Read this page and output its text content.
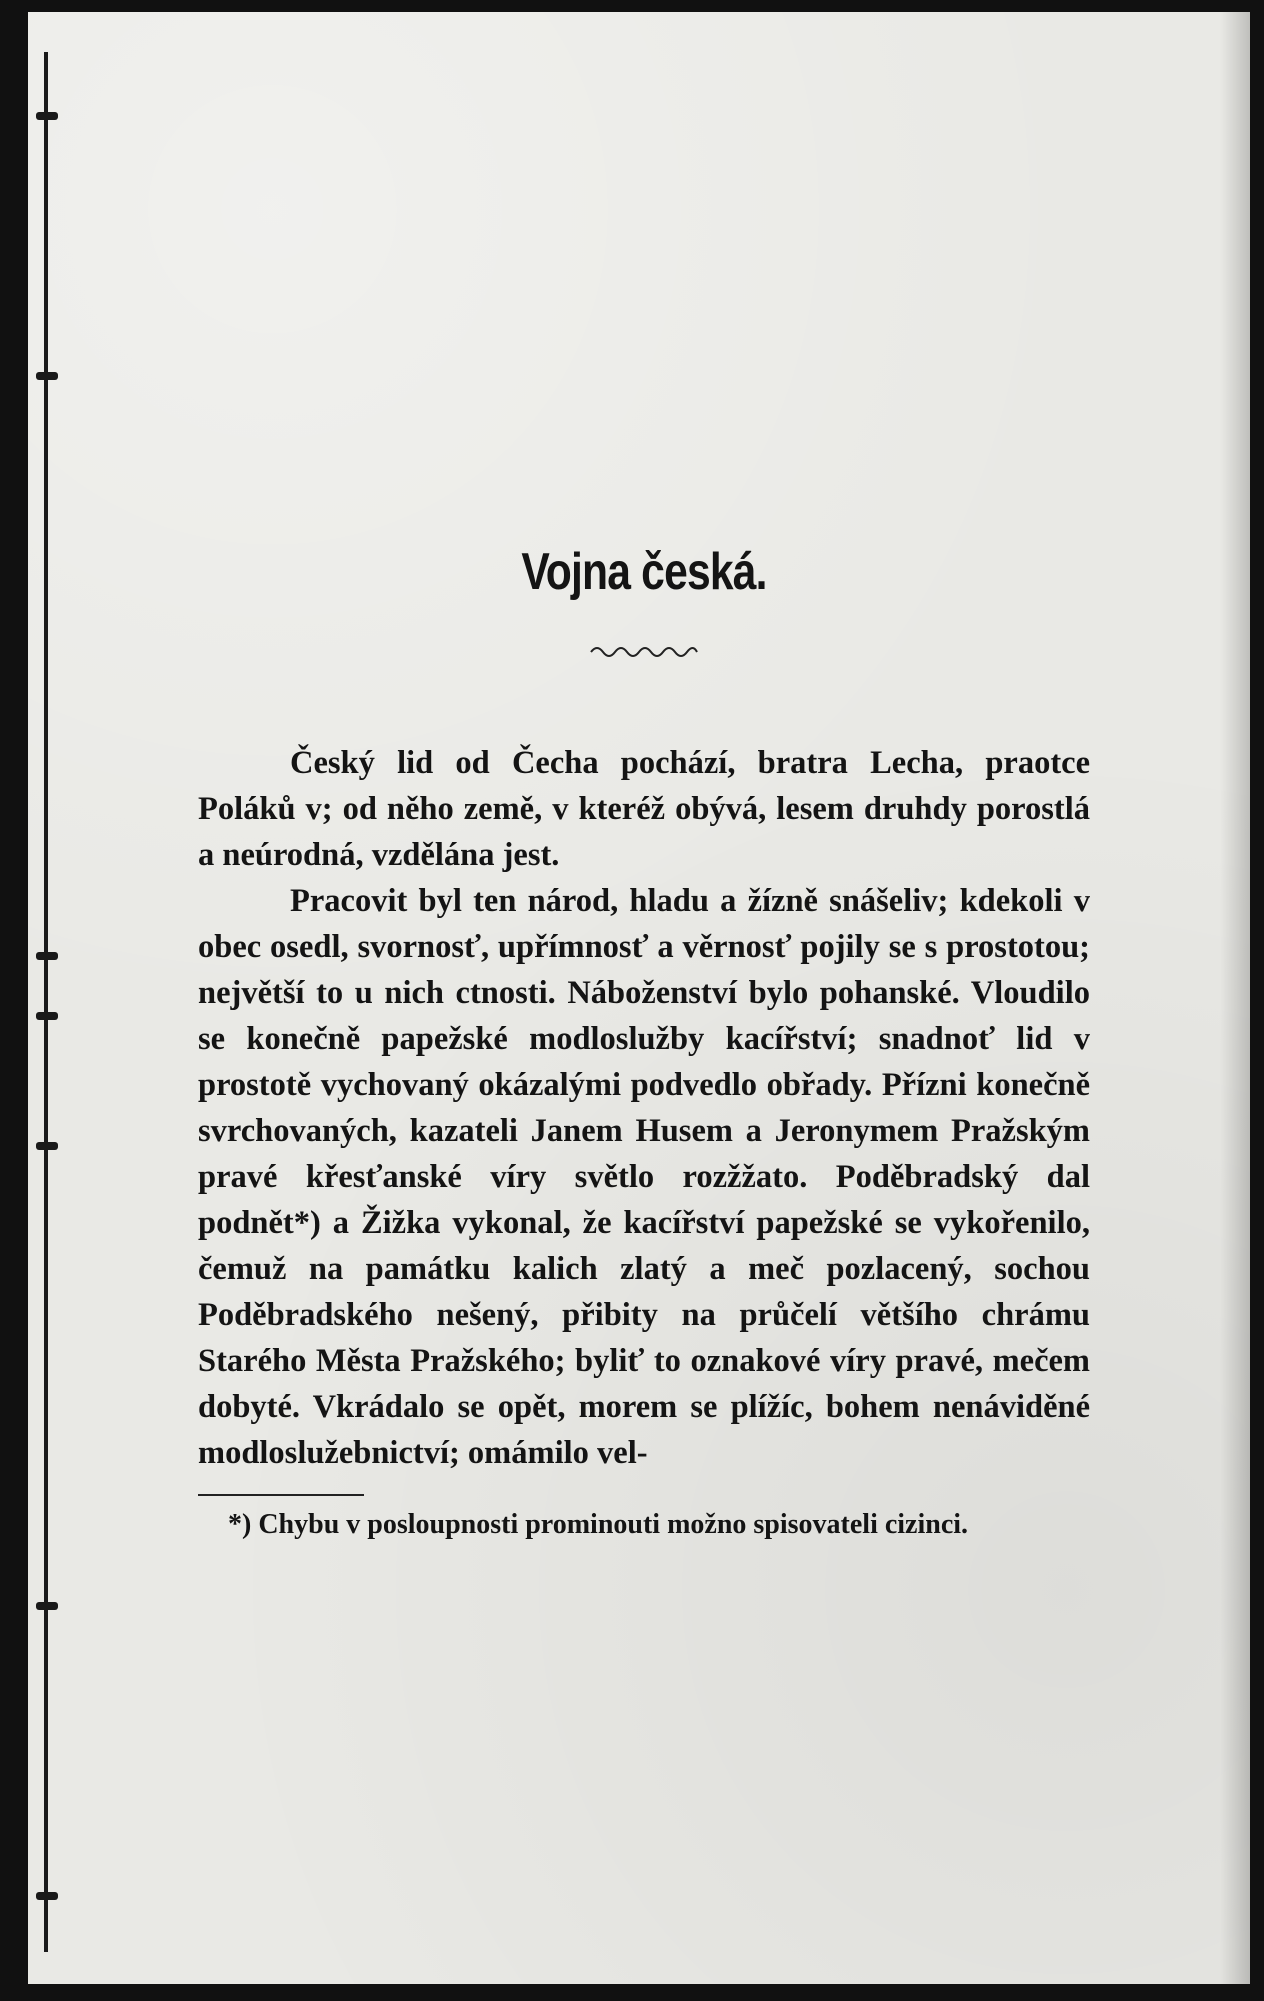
Vojna česká.

Český lid od Čecha pochází, bratra Lecha, praotce Poláků v; od něho země, v kteréž obývá, lesem druhdy porostlá a neúrodná, vzdělána jest.

Pracovit byl ten národ, hladu a žízně snášeliv; kdekoli v obec osedl, svornosť, upřímnosť a věrnosť pojily se s prostotou; největší to u nich ctnosti. Náboženství bylo pohanské. Vloudilo se konečně papežské modloslužby kacířství; snadnoť lid v prostotě vychovaný okázalými podvedlo obřady. Přízni konečně svrchovaných, kazateli Janem Husem a Jeronymem Pražským pravé křesťanské víry světlo rozžžato. Poděbradský dal podnět*) a Žižka vykonal, že kacířství papežské se vykořenilo, čemuž na památku kalich zlatý a meč pozlacený, sochou Poděbradského nešený, přibity na průčelí většího chrámu Starého Města Pražského; byliť to oznakové víry pravé, mečem dobyté. Vkrádalo se opět, morem se plížíc, bohem nenáviděné modloslužebnictví; omámilo vel-

*) Chybu v posloupnosti prominouti možno spisovateli cizinci.
